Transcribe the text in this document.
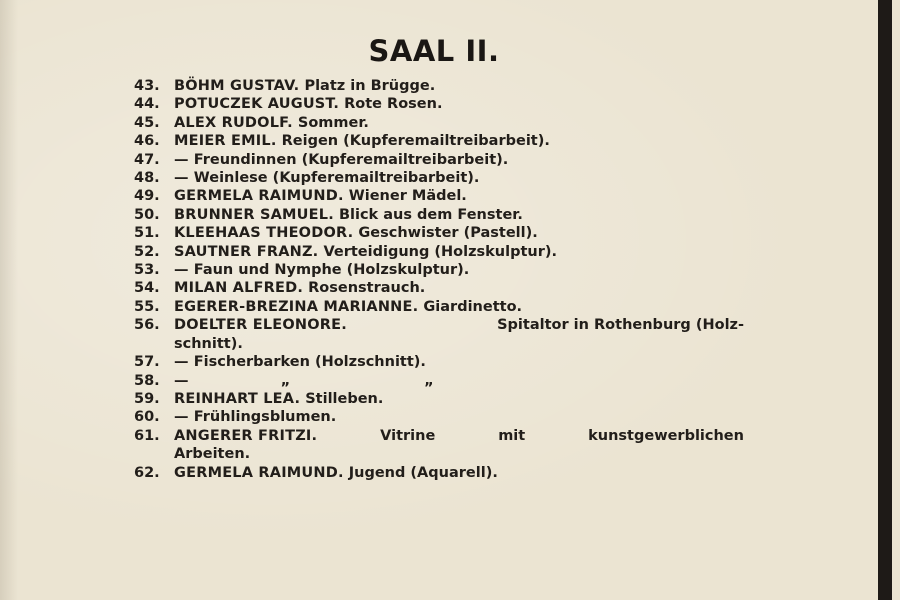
SAAL II.
43. BÖHM GUSTAV. Platz in Brügge.
44. POTUCZEK AUGUST. Rote Rosen.
45. ALEX RUDOLF. Sommer.
46. MEIER EMIL. Reigen (Kupferemailtreibarbeit).
47. — Freundinnen (Kupferemailtreibarbeit).
48. — Weinlese (Kupferemailtreibarbeit).
49. GERMELA RAIMUND. Wiener Mädel.
50. BRUNNER SAMUEL. Blick aus dem Fenster.
51. KLEEHAAS THEODOR. Geschwister (Pastell).
52. SAUTNER FRANZ. Verteidigung (Holzskulptur).
53. — Faun und Nymphe (Holzskulptur).
54. MILAN ALFRED. Rosenstrauch.
55. EGERER-BREZINA MARIANNE. Giardinetto.
56. DOELTER ELEONORE.	Spitaltor in Rothenburg (Holz-
schnitt).
57. — Fischerbarken (Holzschnitt).
58. —	„	„
59. REINHART LEA. Stilleben.
60. — Frühlingsblumen.
61. ANGERER FRITZI.	Vitrine	mit	kunstgewerblichen
Arbeiten.
62. GERMELA RAIMUND. Jugend (Aquarell).
